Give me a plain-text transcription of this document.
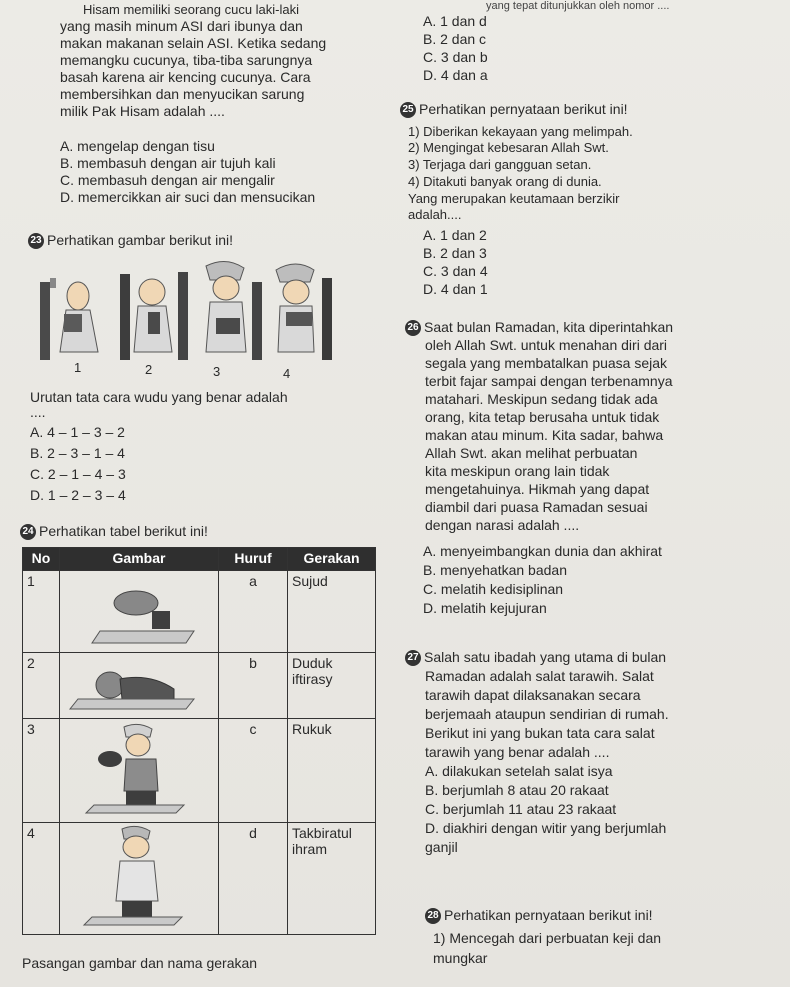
Hisam memiliki seorang cucu laki-laki
yang masih minum ASI dari ibunya dan
makan makanan selain ASI. Ketika sedang
memangku cucunya, tiba-tiba sarungnya
basah karena air kencing cucunya. Cara
membersihkan dan menyucikan sarung
milik Pak Hisam adalah ....
A. mengelap dengan tisu
B. membasuh dengan air tujuh kali
C. membasuh dengan air mengalir
D. memercikkan air suci dan mensucikan
23 Perhatikan gambar berikut ini!
1	2	3	4
Urutan tata cara wudu yang benar adalah
....
A. 4 – 1 – 3 – 2
B. 2 – 3 – 1 – 4
C. 2 – 1 – 4 – 3
D. 1 – 2 – 3 – 4
24 Perhatikan tabel berikut ini!
No	Gambar	Huruf	Gerakan
1		a	Sujud
2		b	Duduk iftirasy
3		c	Rukuk
4		d	Takbiratul ihram
Pasangan gambar dan nama gerakan
yang tepat ditunjukkan oleh nomor ....
A. 1 dan d
B. 2 dan c
C. 3 dan b
D. 4 dan a
25 Perhatikan pernyataan berikut ini!
1) Diberikan kekayaan yang melimpah.
2) Mengingat kebesaran Allah Swt.
3) Terjaga dari gangguan setan.
4) Ditakuti banyak orang di dunia.
Yang merupakan keutamaan berzikir
adalah....
A. 1 dan 2
B. 2 dan 3
C. 3 dan 4
D. 4 dan 1
26 Saat bulan Ramadan, kita diperintahkan
oleh Allah Swt. untuk menahan diri dari
segala yang membatalkan puasa sejak
terbit fajar sampai dengan terbenamnya
matahari. Meskipun sedang tidak ada
orang, kita tetap berusaha untuk tidak
makan atau minum. Kita sadar, bahwa
Allah Swt. akan melihat perbuatan
kita meskipun orang lain tidak
mengetahuinya. Hikmah yang dapat
diambil dari puasa Ramadan sesuai
dengan narasi adalah ....
A. menyeimbangkan dunia dan akhirat
B. menyehatkan badan
C. melatih kedisiplinan
D. melatih kejujuran
27 Salah satu ibadah yang utama di bulan
Ramadan adalah salat tarawih. Salat
tarawih dapat dilaksanakan secara
berjemaah ataupun sendirian di rumah.
Berikut ini yang bukan tata cara salat
tarawih yang benar adalah ....
A. dilakukan setelah salat isya
B. berjumlah 8 atau 20 rakaat
C. berjumlah 11 atau 23 rakaat
D. diakhiri dengan witir yang berjumlah
ganjil
28 Perhatikan pernyataan berikut ini!
1) Mencegah dari perbuatan keji dan
mungkar
